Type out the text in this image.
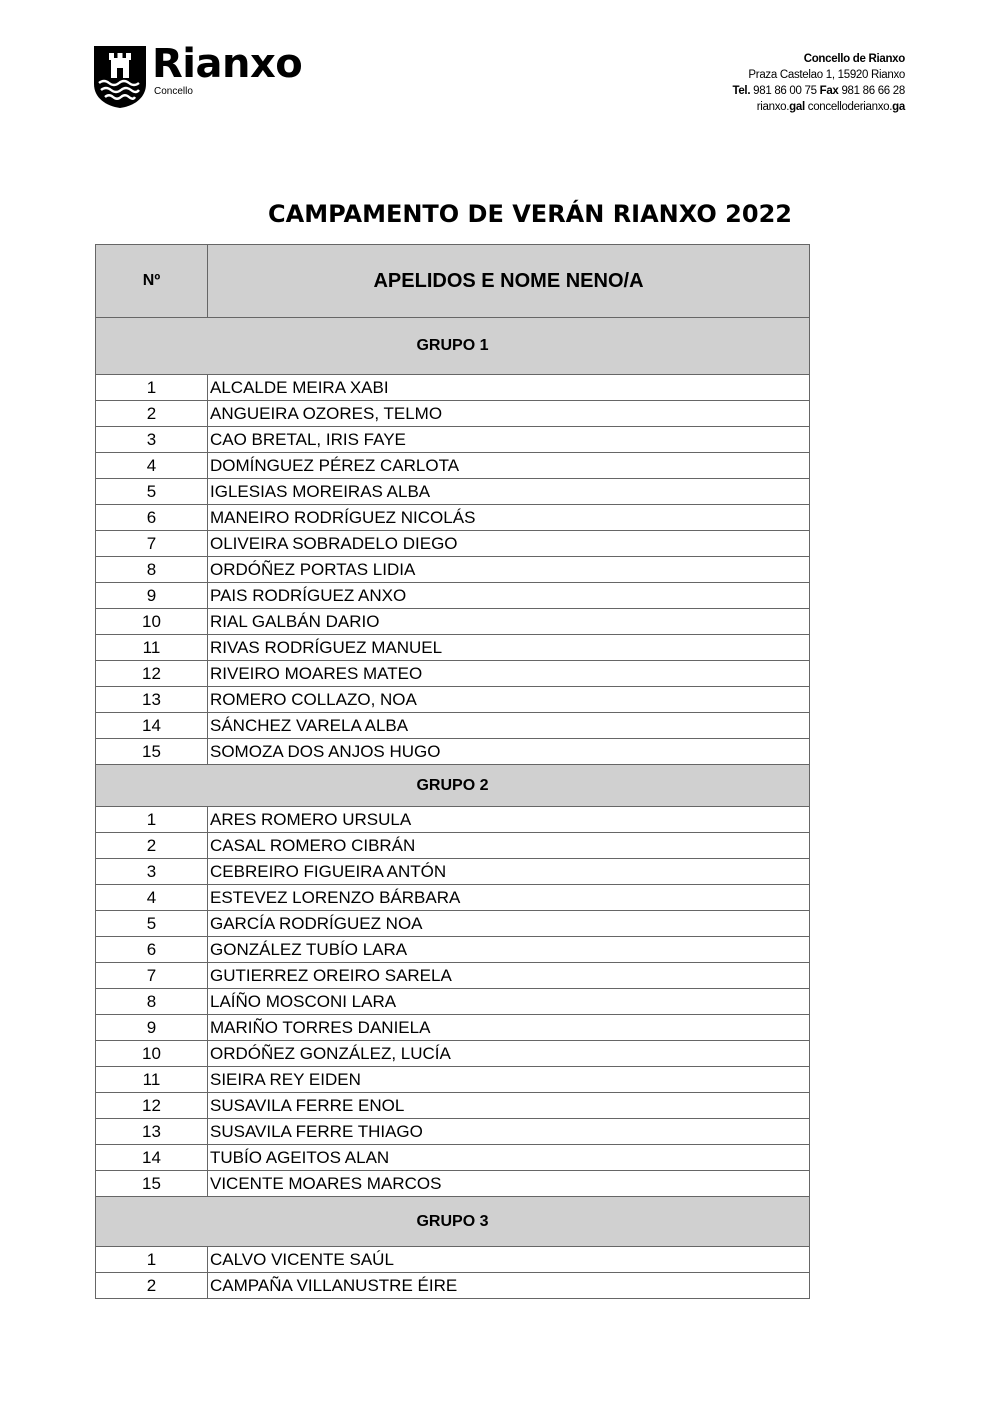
Rianxo
Concello
Concello de Rianxo
Praza Castelao 1, 15920 Rianxo
Tel. 981 86 00 75 Fax 981 86 66 28
rianxo.gal concelloderianxo.ga
CAMPAMENTO DE VERÁN RIANXO 2022
Nº	APELIDOS E NOME NENO/A
GRUPO 1	
1	ALCALDE MEIRA XABI
2	ANGUEIRA OZORES, TELMO
3	CAO BRETAL, IRIS FAYE
4	DOMÍNGUEZ PÉREZ CARLOTA
5	IGLESIAS MOREIRAS ALBA
6	MANEIRO RODRÍGUEZ NICOLÁS
7	OLIVEIRA SOBRADELO DIEGO
8	ORDÓÑEZ PORTAS LIDIA
9	PAIS RODRÍGUEZ ANXO
10	RIAL GALBÁN DARIO
11	RIVAS RODRÍGUEZ MANUEL
12	RIVEIRO MOARES MATEO
13	ROMERO COLLAZO, NOA
14	SÁNCHEZ VARELA ALBA
15	SOMOZA DOS ANJOS HUGO
GRUPO 2	
1	ARES ROMERO URSULA
2	CASAL ROMERO CIBRÁN
3	CEBREIRO FIGUEIRA ANTÓN
4	ESTEVEZ LORENZO BÁRBARA
5	GARCÍA RODRÍGUEZ NOA
6	GONZÁLEZ TUBÍO LARA
7	GUTIERREZ OREIRO SARELA
8	LAÍÑO MOSCONI LARA
9	MARIÑO TORRES DANIELA
10	ORDÓÑEZ GONZÁLEZ, LUCÍA
11	SIEIRA REY EIDEN
12	SUSAVILA FERRE ENOL
13	SUSAVILA FERRE THIAGO
14	TUBÍO AGEITOS ALAN
15	VICENTE MOARES MARCOS
GRUPO 3	
1	CALVO VICENTE SAÚL
2	CAMPAÑA VILLANUSTRE ÉIRE
